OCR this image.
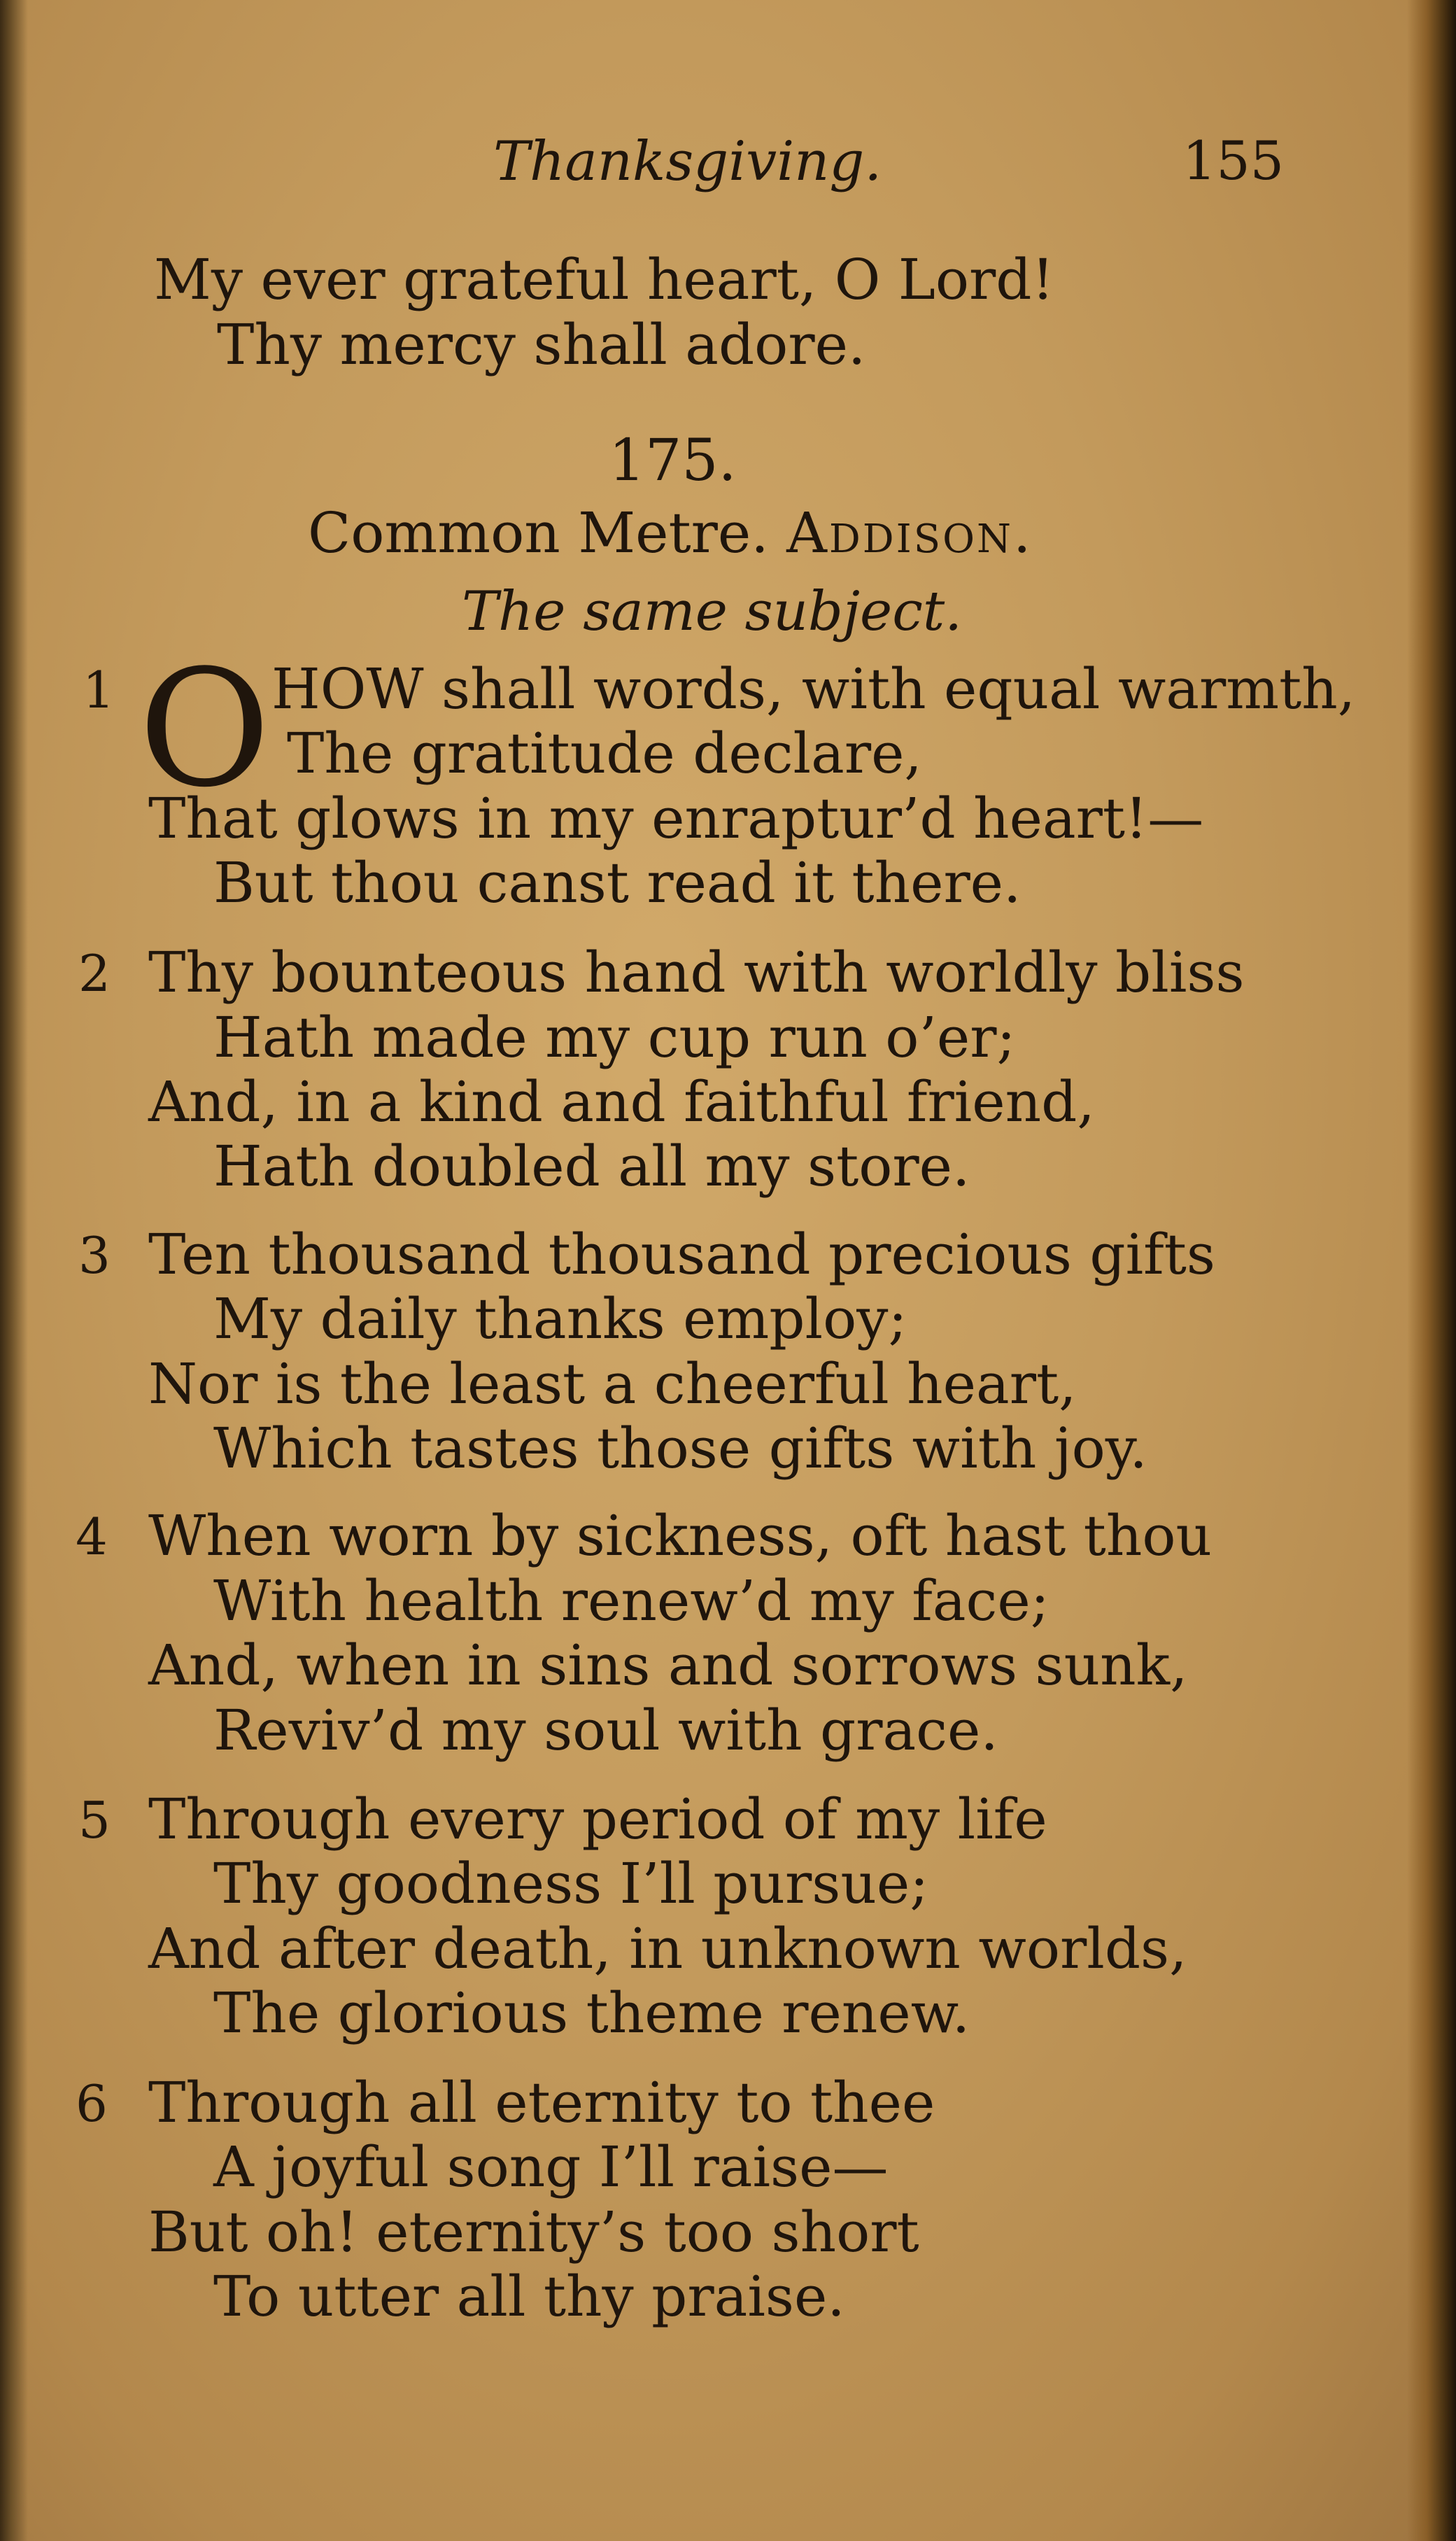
Thanksgiving.	155
My ever grateful heart, O Lord!
Thy mercy shall adore.
175.
Common Metre. Addison.
The same subject.
1 O HOW shall words, with equal warmth,
The gratitude declare,
That glows in my enraptur’d heart!—
But thou canst read it there.
2 Thy bounteous hand with worldly bliss
Hath made my cup run o’er;
And, in a kind and faithful friend,
Hath doubled all my store.
3 Ten thousand thousand precious gifts
My daily thanks employ;
Nor is the least a cheerful heart,
Which tastes those gifts with joy.
4 When worn by sickness, oft hast thou
With health renew’d my face;
And, when in sins and sorrows sunk,
Reviv’d my soul with grace.
5 Through every period of my life
Thy goodness I’ll pursue;
And after death, in unknown worlds,
The glorious theme renew.
6 Through all eternity to thee
A joyful song I’ll raise—
But oh! eternity’s too short
To utter all thy praise.
